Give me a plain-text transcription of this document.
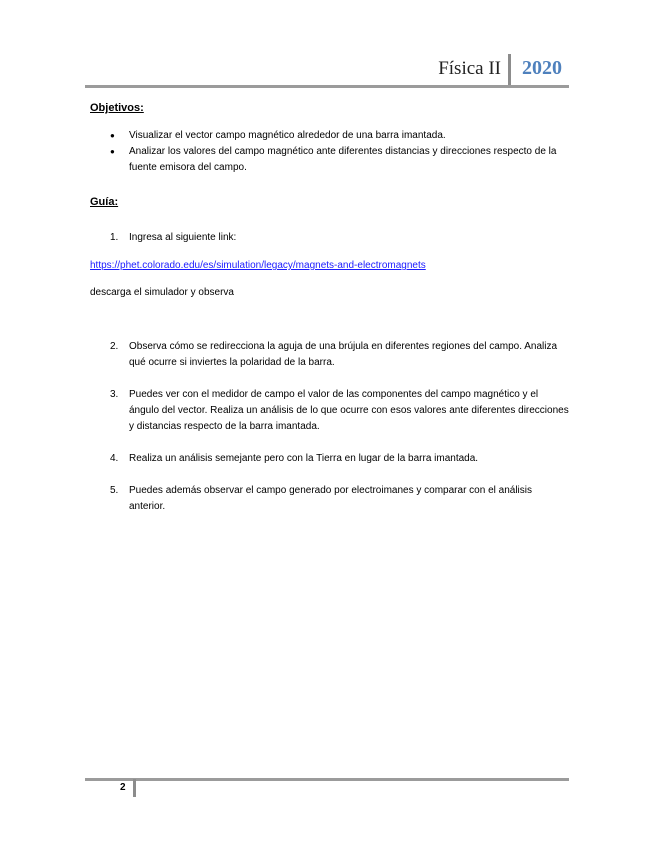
Física II 2020

Objetivos:

● Visualizar el vector campo magnético alrededor de una barra imantada.
● Analizar los valores del campo magnético ante diferentes distancias y direcciones respecto de la fuente emisora del campo.

Guía:

1. Ingresa al siguiente link:
https://phet.colorado.edu/es/simulation/legacy/magnets-and-electromagnets
descarga el simulador y observa
2. Observa cómo se redirecciona la aguja de una brújula en diferentes regiones del campo. Analiza qué ocurre si inviertes la polaridad de la barra.
3. Puedes ver con el medidor de campo el valor de las componentes del campo magnético y el ángulo del vector. Realiza un análisis de lo que ocurre con esos valores ante diferentes direcciones y distancias respecto de la barra imantada.
4. Realiza un análisis semejante pero con la Tierra en lugar de la barra imantada.
5. Puedes además observar el campo generado por electroimanes y comparar con el análisis anterior.
2
